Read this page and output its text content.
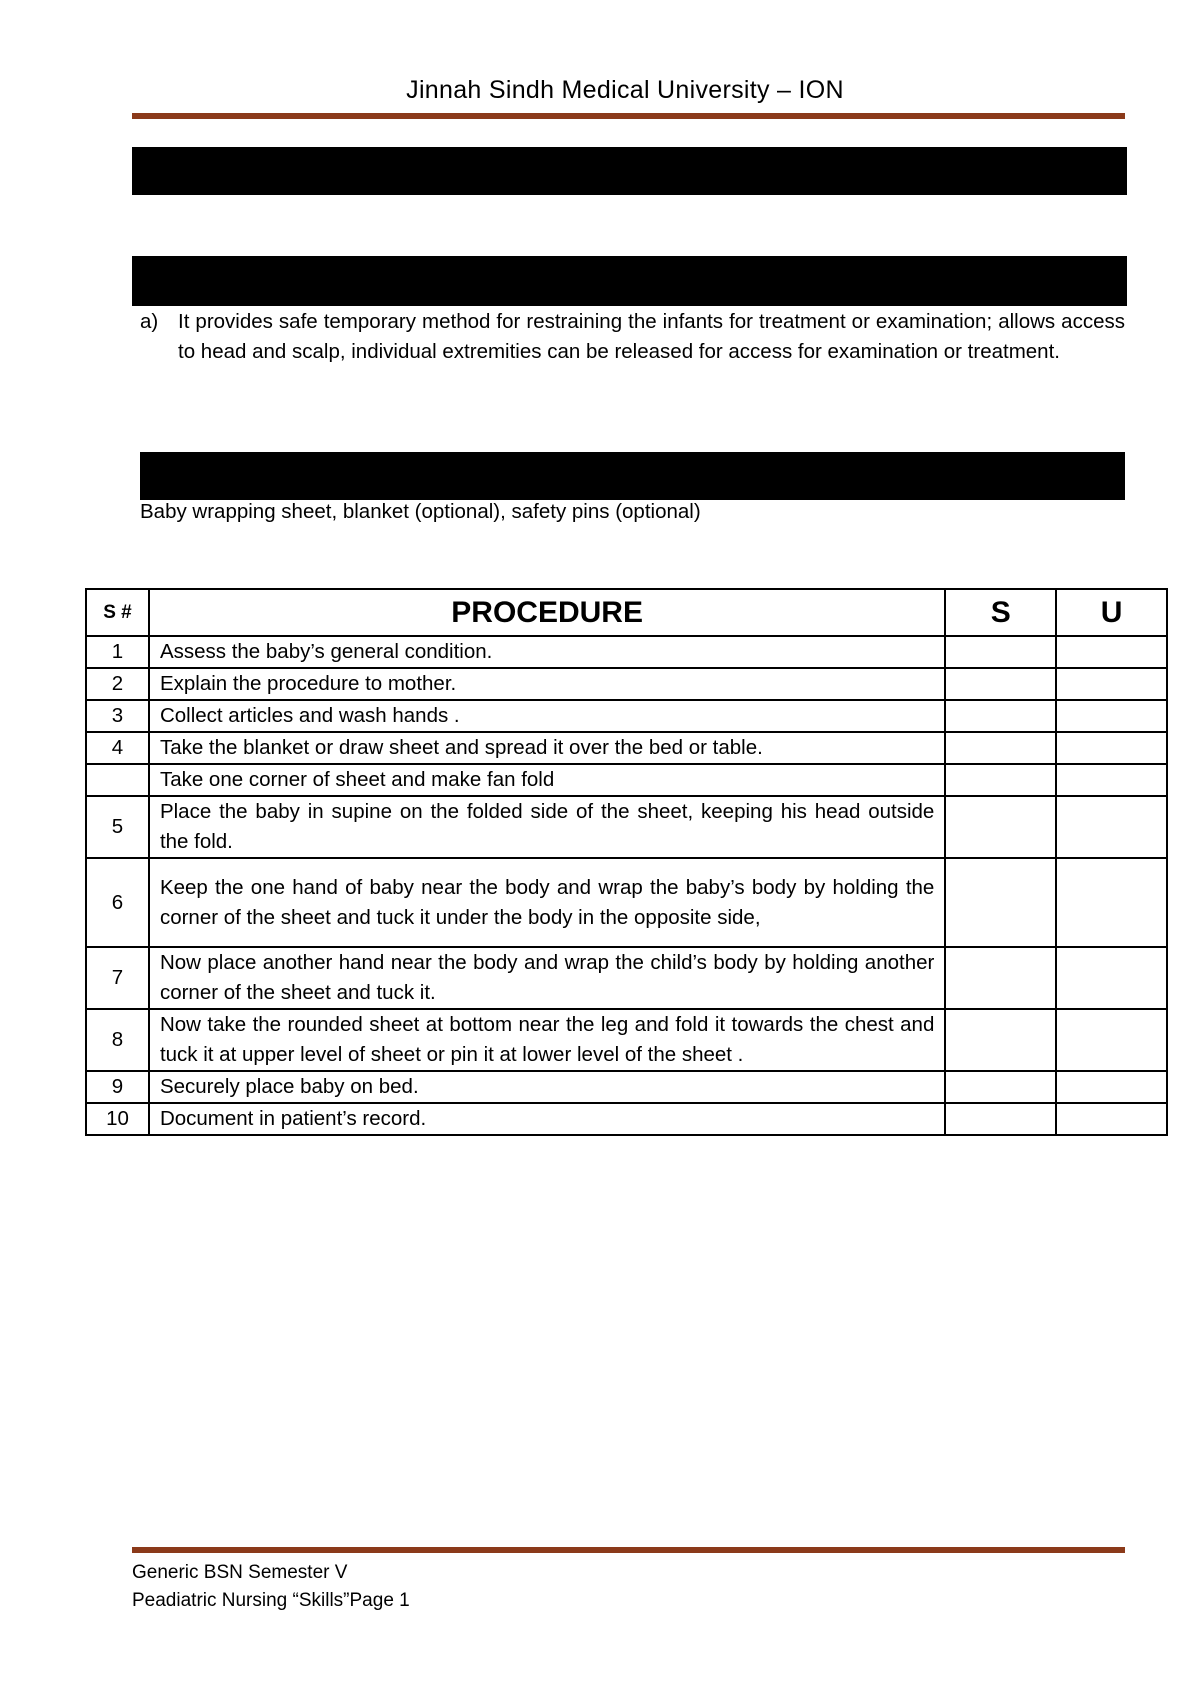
Jinnah Sindh Medical University – ION
a) It provides safe temporary method for restraining the infants for treatment or examination; allows access to head and scalp, individual extremities can be released for access for examination or treatment.
Baby wrapping sheet, blanket (optional), safety pins (optional)
S #	PROCEDURE	S	U
1	Assess the baby’s general condition.		
2	Explain the procedure to mother.		
3	Collect articles and wash hands .		
4	Take the blanket or draw sheet and spread it over the bed or table.		
	Take one corner of sheet and make fan fold		
5	Place the baby in supine on the folded side of the sheet, keeping his head outside the fold.		
6	Keep the one hand of baby near the body and wrap the baby’s body by holding the corner of the sheet and tuck it under the body in the opposite side,		
7	Now place another hand near the body and wrap the child’s body by holding another corner of the sheet and tuck it.		
8	Now take the rounded sheet at bottom near the leg and fold it towards the chest and tuck it at upper level of sheet or pin it at lower level of the sheet .		
9	Securely place baby on bed.		
10	Document in patient’s record.		
Generic BSN Semester V
Peadiatric Nursing “Skills”Page 1
